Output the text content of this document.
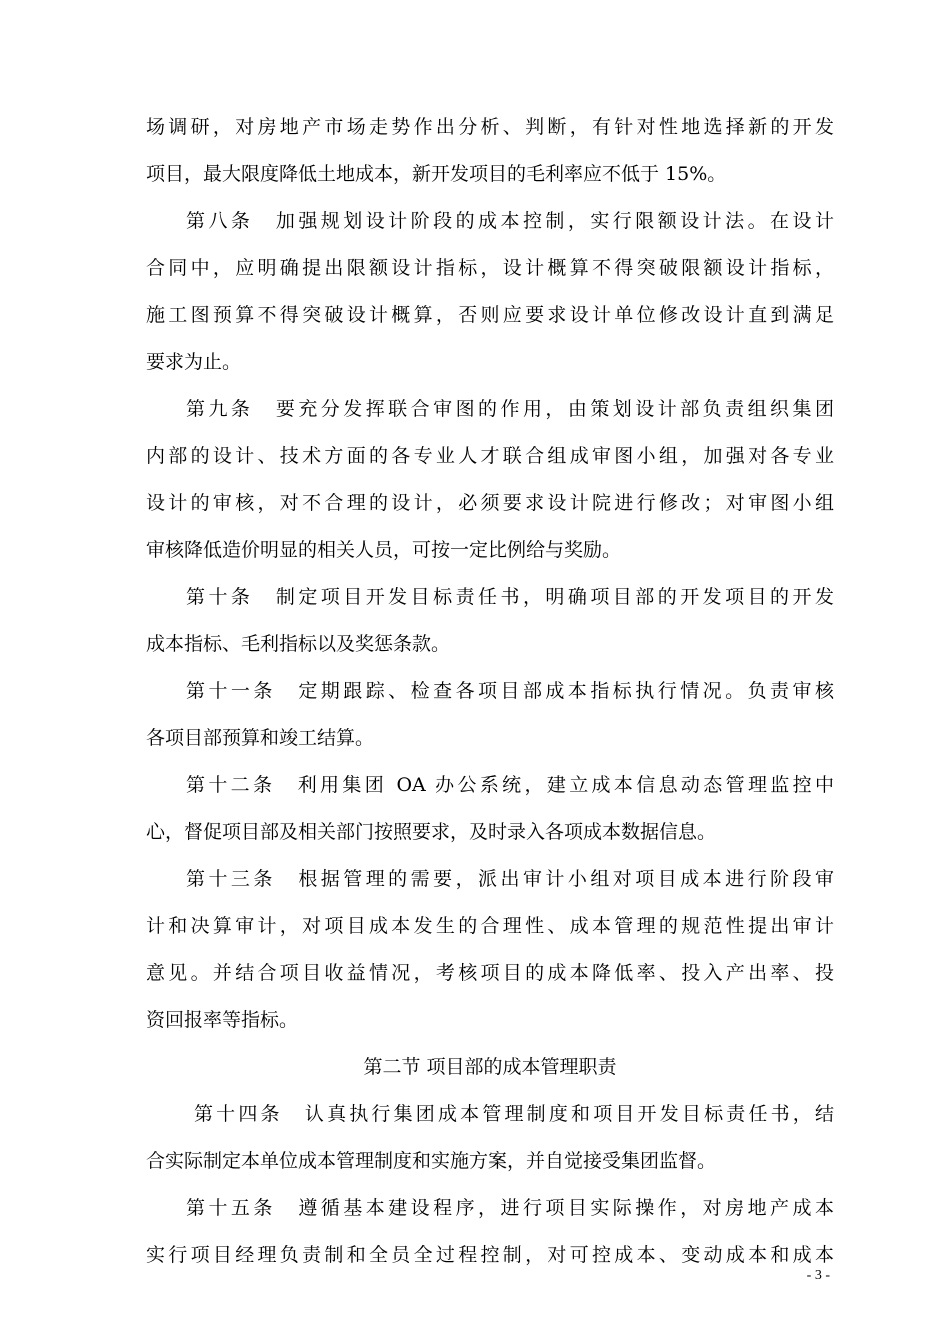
场调研，对房地产市场走势作出分析、判断，有针对性地选择新的开发
项目，最大限度降低土地成本，新开发项目的毛利率应不低于 15%。
第八条　加强规划设计阶段的成本控制，实行限额设计法。在设计
合同中，应明确提出限额设计指标，设计概算不得突破限额设计指标，
施工图预算不得突破设计概算，否则应要求设计单位修改设计直到满足
要求为止。
第九条　要充分发挥联合审图的作用，由策划设计部负责组织集团
内部的设计、技术方面的各专业人才联合组成审图小组，加强对各专业
设计的审核，对不合理的设计，必须要求设计院进行修改；对审图小组
审核降低造价明显的相关人员，可按一定比例给与奖励。
第十条　制定项目开发目标责任书，明确项目部的开发项目的开发
成本指标、毛利指标以及奖惩条款。
第十一条　定期跟踪、检查各项目部成本指标执行情况。负责审核
各项目部预算和竣工结算。
第十二条　利用集团 OA 办公系统，建立成本信息动态管理监控中
心，督促项目部及相关部门按照要求，及时录入各项成本数据信息。
第十三条　根据管理的需要，派出审计小组对项目成本进行阶段审
计和决算审计，对项目成本发生的合理性、成本管理的规范性提出审计
意见。并结合项目收益情况，考核项目的成本降低率、投入产出率、投
资回报率等指标。
第二节 项目部的成本管理职责
第十四条　认真执行集团成本管理制度和项目开发目标责任书，结
合实际制定本单位成本管理制度和实施方案，并自觉接受集团监督。
第十五条　遵循基本建设程序，进行项目实际操作，对房地产成本
实行项目经理负责制和全员全过程控制，对可控成本、变动成本和成本
- 3 -
